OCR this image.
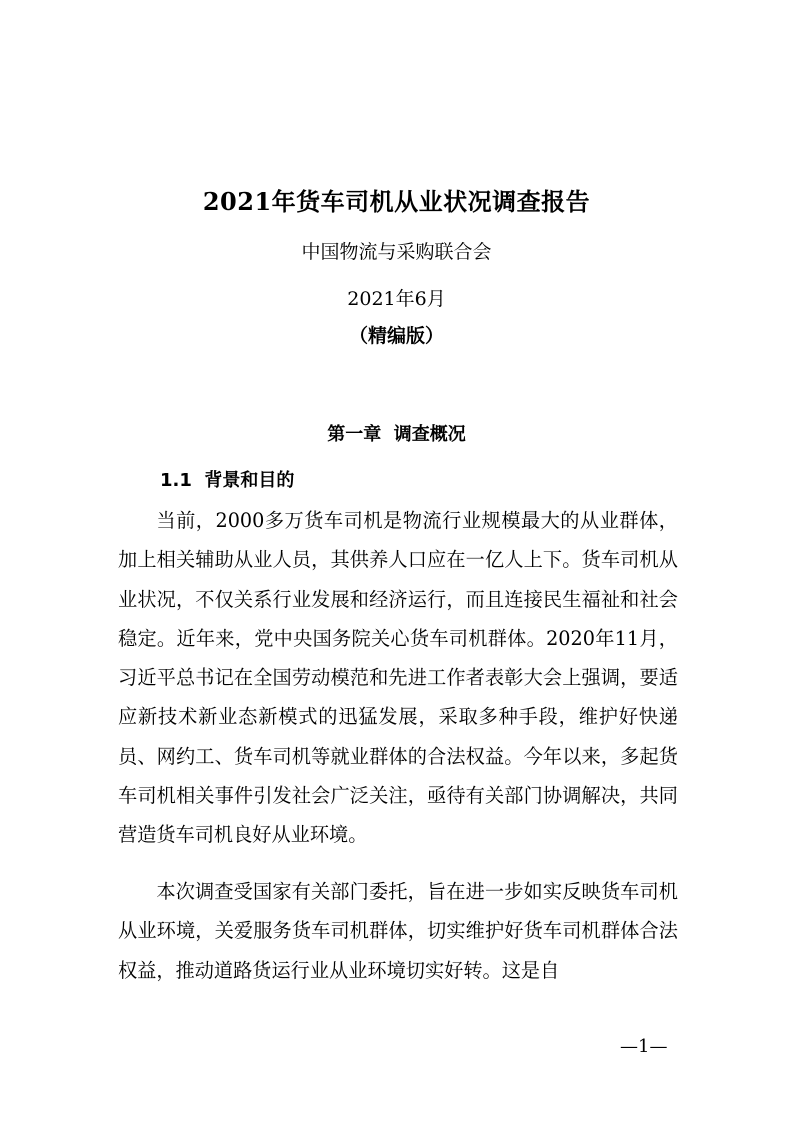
2021年货车司机从业状况调查报告
中国物流与采购联合会
2021年6月
（精编版）
第一章  调查概况
1.1  背景和目的

当前，2000多万货车司机是物流行业规模最大的从业群体，加上相关辅助从业人员，其供养人口应在一亿人上下。货车司机从业状况，不仅关系行业发展和经济运行，而且连接民生福祉和社会稳定。近年来，党中央国务院关心货车司机群体。2020年11月，习近平总书记在全国劳动模范和先进工作者表彰大会上强调，要适应新技术新业态新模式的迅猛发展，采取多种手段，维护好快递员、网约工、货车司机等就业群体的合法权益。今年以来，多起货车司机相关事件引发社会广泛关注，亟待有关部门协调解决，共同营造货车司机良好从业环境。

本次调查受国家有关部门委托，旨在进一步如实反映货车司机从业环境，关爱服务货车司机群体，切实维护好货车司机群体合法权益，推动道路货运行业从业环境切实好转。这是自

—1—
